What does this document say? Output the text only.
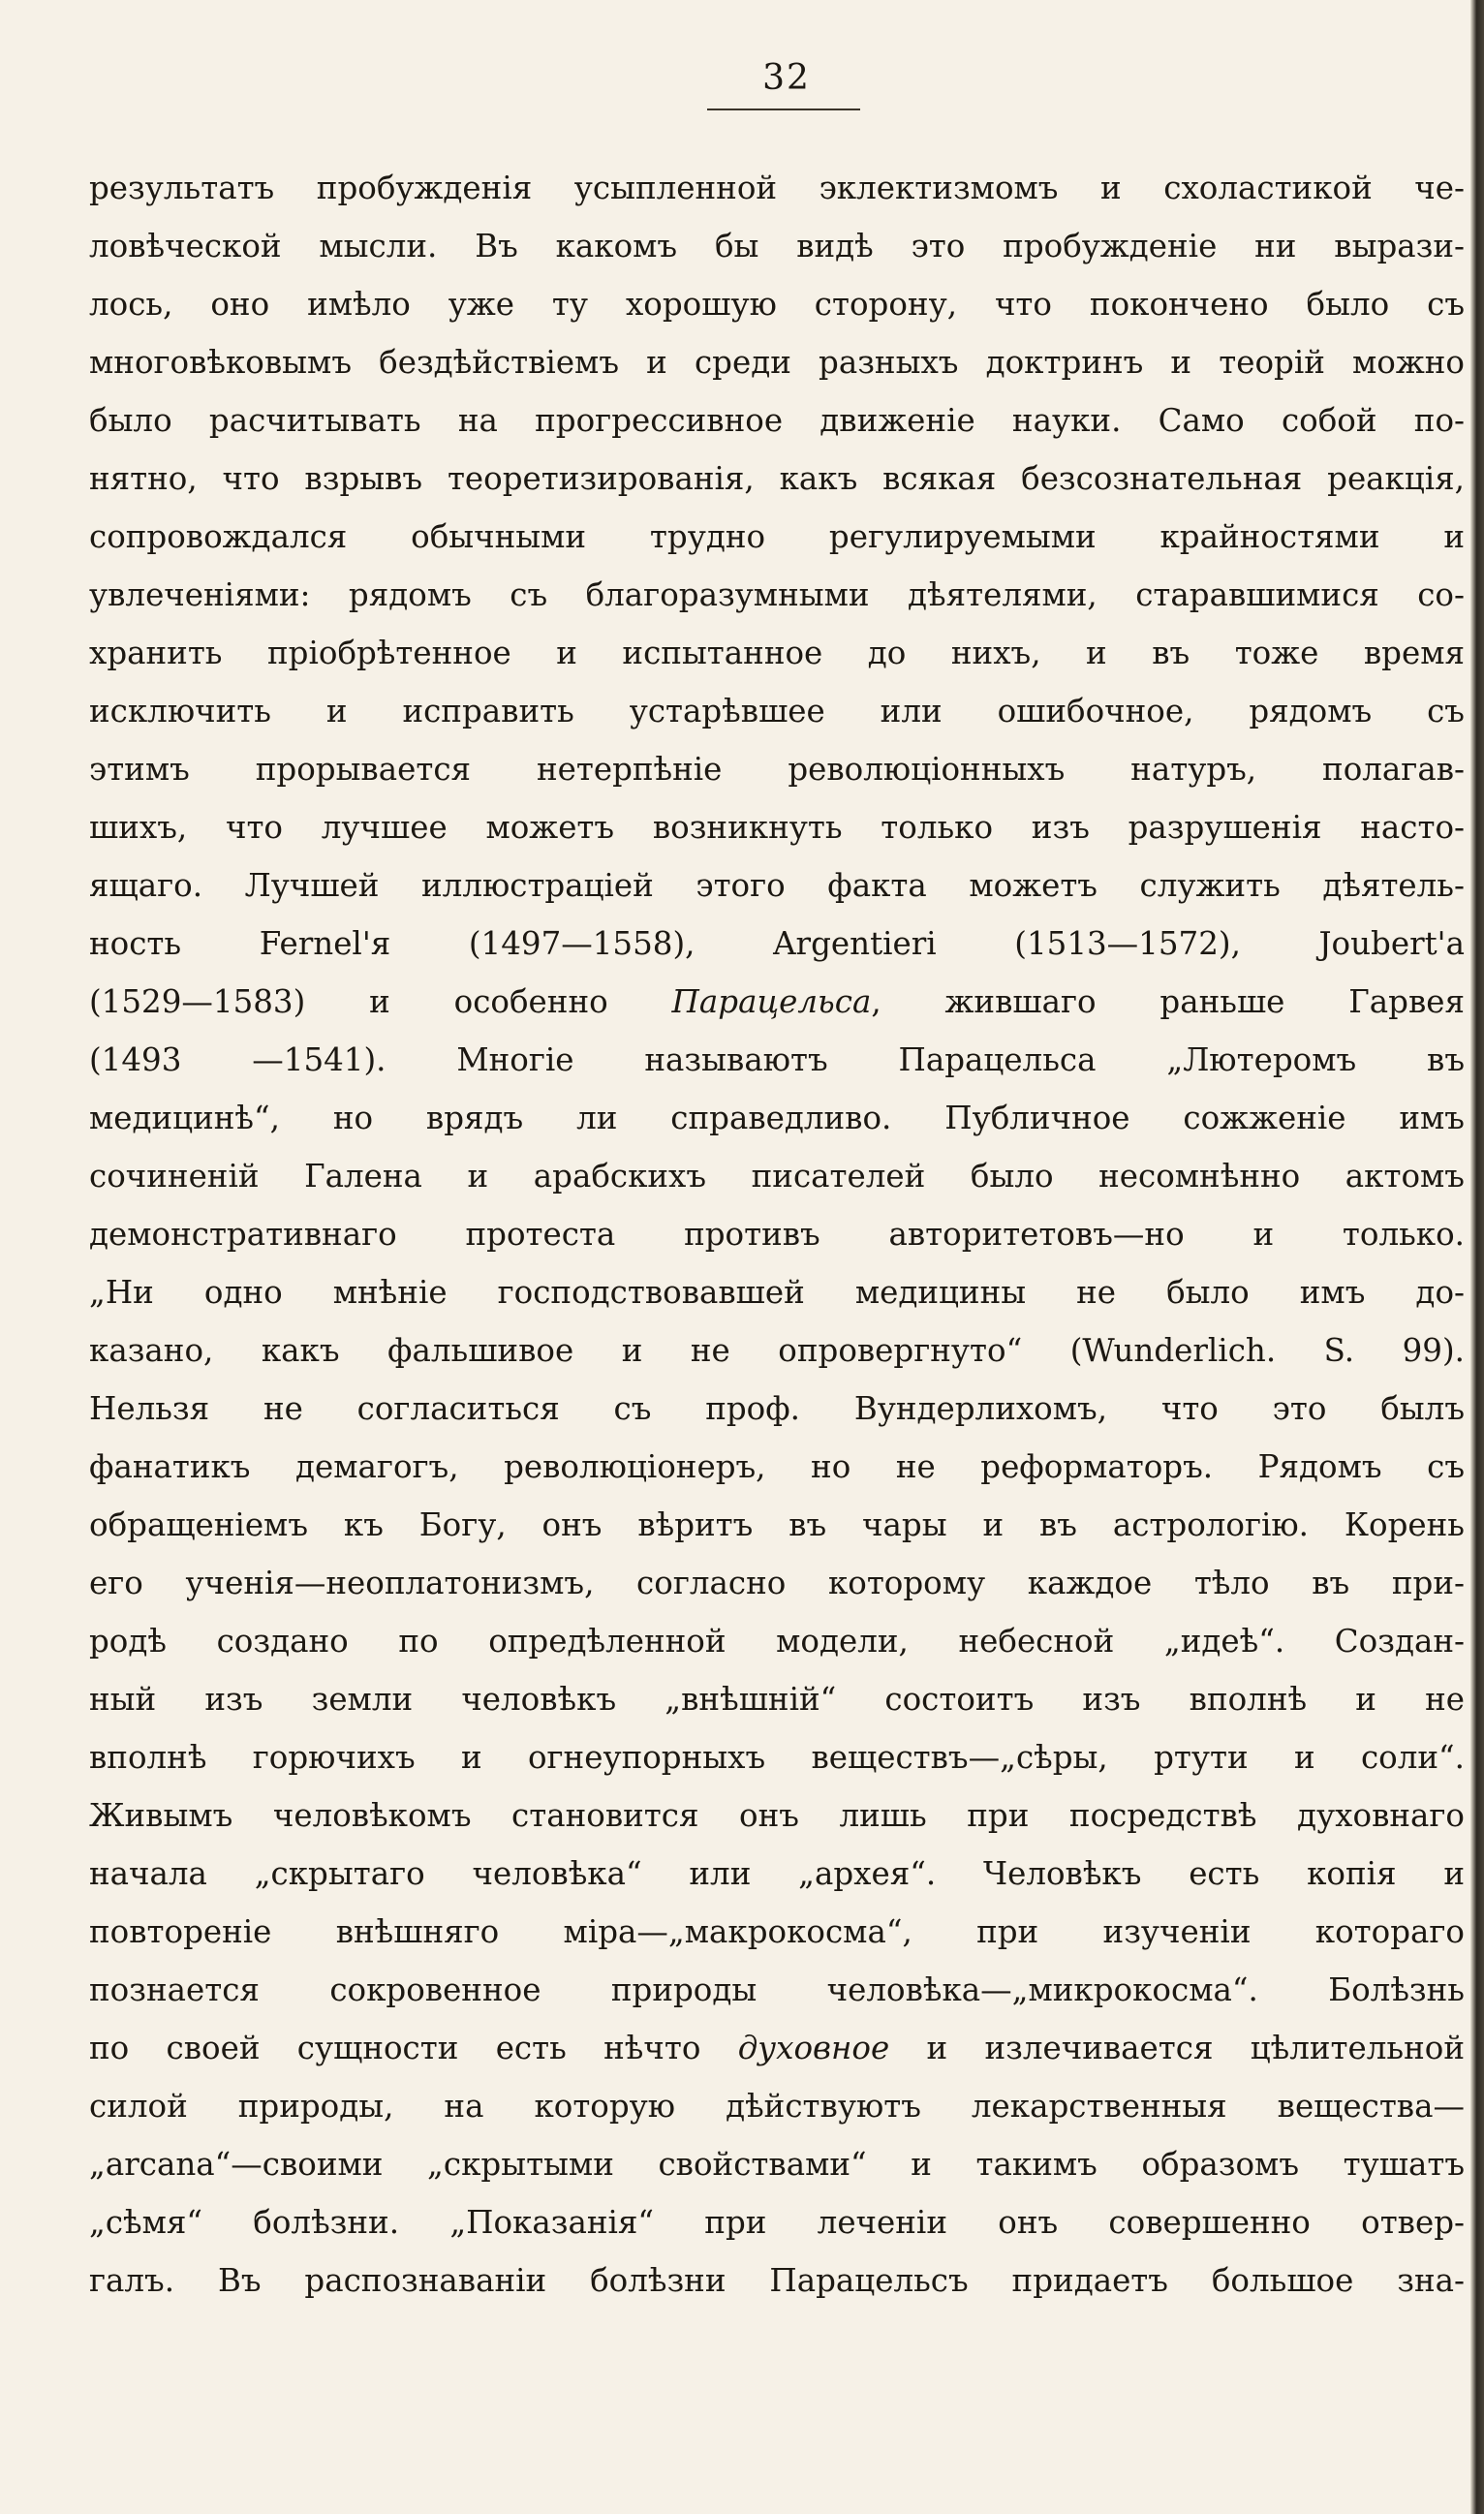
32
результатъ пробужденія усыпленной эклектизмомъ и схоластикой че-
ловѣческой мысли. Въ какомъ бы видѣ это пробужденіе ни вырази-
лось, оно имѣло уже ту хорошую сторону, что покончено было съ
многовѣковымъ бездѣйствіемъ и среди разныхъ доктринъ и теорій можно
было расчитывать на прогрессивное движеніе науки. Само собой по-
нятно, что взрывъ теоретизированія, какъ всякая безсознательная реакція,
сопровождался обычными трудно регулируемыми крайностями и
увлеченіями: рядомъ съ благоразумными дѣятелями, старавшимися со-
хранить пріобрѣтенное и испытанное до нихъ, и въ тоже время
исключить и исправить устарѣвшее или ошибочное, рядомъ съ
этимъ прорывается нетерпѣніе революціонныхъ натуръ, полагав-
шихъ, что лучшее можетъ возникнуть только изъ разрушенія насто-
ящаго. Лучшей иллюстраціей этого факта можетъ служить дѣятель-
ность Fernel'я (1497—1558), Argentieri (1513—1572), Joubert'а
(1529—1583) и особенно Парацельса, жившаго раньше Гарвея
(1493 —1541). Многіе называютъ Парацельса „Лютеромъ въ
медицинѣ“, но врядъ ли справедливо. Публичное сожженіе имъ
сочиненій Галена и арабскихъ писателей было несомнѣнно актомъ
демонстративнаго протеста противъ авторитетовъ—но и только.
„Ни одно мнѣніе господствовавшей медицины не было имъ до-
казано, какъ фальшивое и не опровергнуто“ (Wunderlich. S. 99).
Нельзя не согласиться съ проф. Вундерлихомъ, что это былъ
фанатикъ демагогъ, революціонеръ, но не реформаторъ. Рядомъ съ
обращеніемъ къ Богу, онъ вѣритъ въ чары и въ астрологію. Корень
его ученія—неоплатонизмъ, согласно которому каждое тѣло въ при-
родѣ создано по опредѣленной модели, небесной „идеѣ“. Создан-
ный изъ земли человѣкъ „внѣшній“ состоитъ изъ вполнѣ и не
вполнѣ горючихъ и огнеупорныхъ веществъ—„сѣры, ртути и соли“.
Живымъ человѣкомъ становится онъ лишь при посредствѣ духовнаго
начала „скрытаго человѣка“ или „архея“. Человѣкъ есть копія и
повтореніе внѣшняго міра—„макрокосма“, при изученіи котораго
познается сокровенное природы человѣка—„микрокосма“. Болѣзнь
по своей сущности есть нѣчто духовное и излечивается цѣлительной
силой природы, на которую дѣйствуютъ лекарственныя вещества—
„arcana“—своими „скрытыми свойствами“ и такимъ образомъ тушатъ
„сѣмя“ болѣзни. „Показанія“ при леченіи онъ совершенно отвер-
галъ. Въ распознаваніи болѣзни Парацельсъ придаетъ большое зна-
